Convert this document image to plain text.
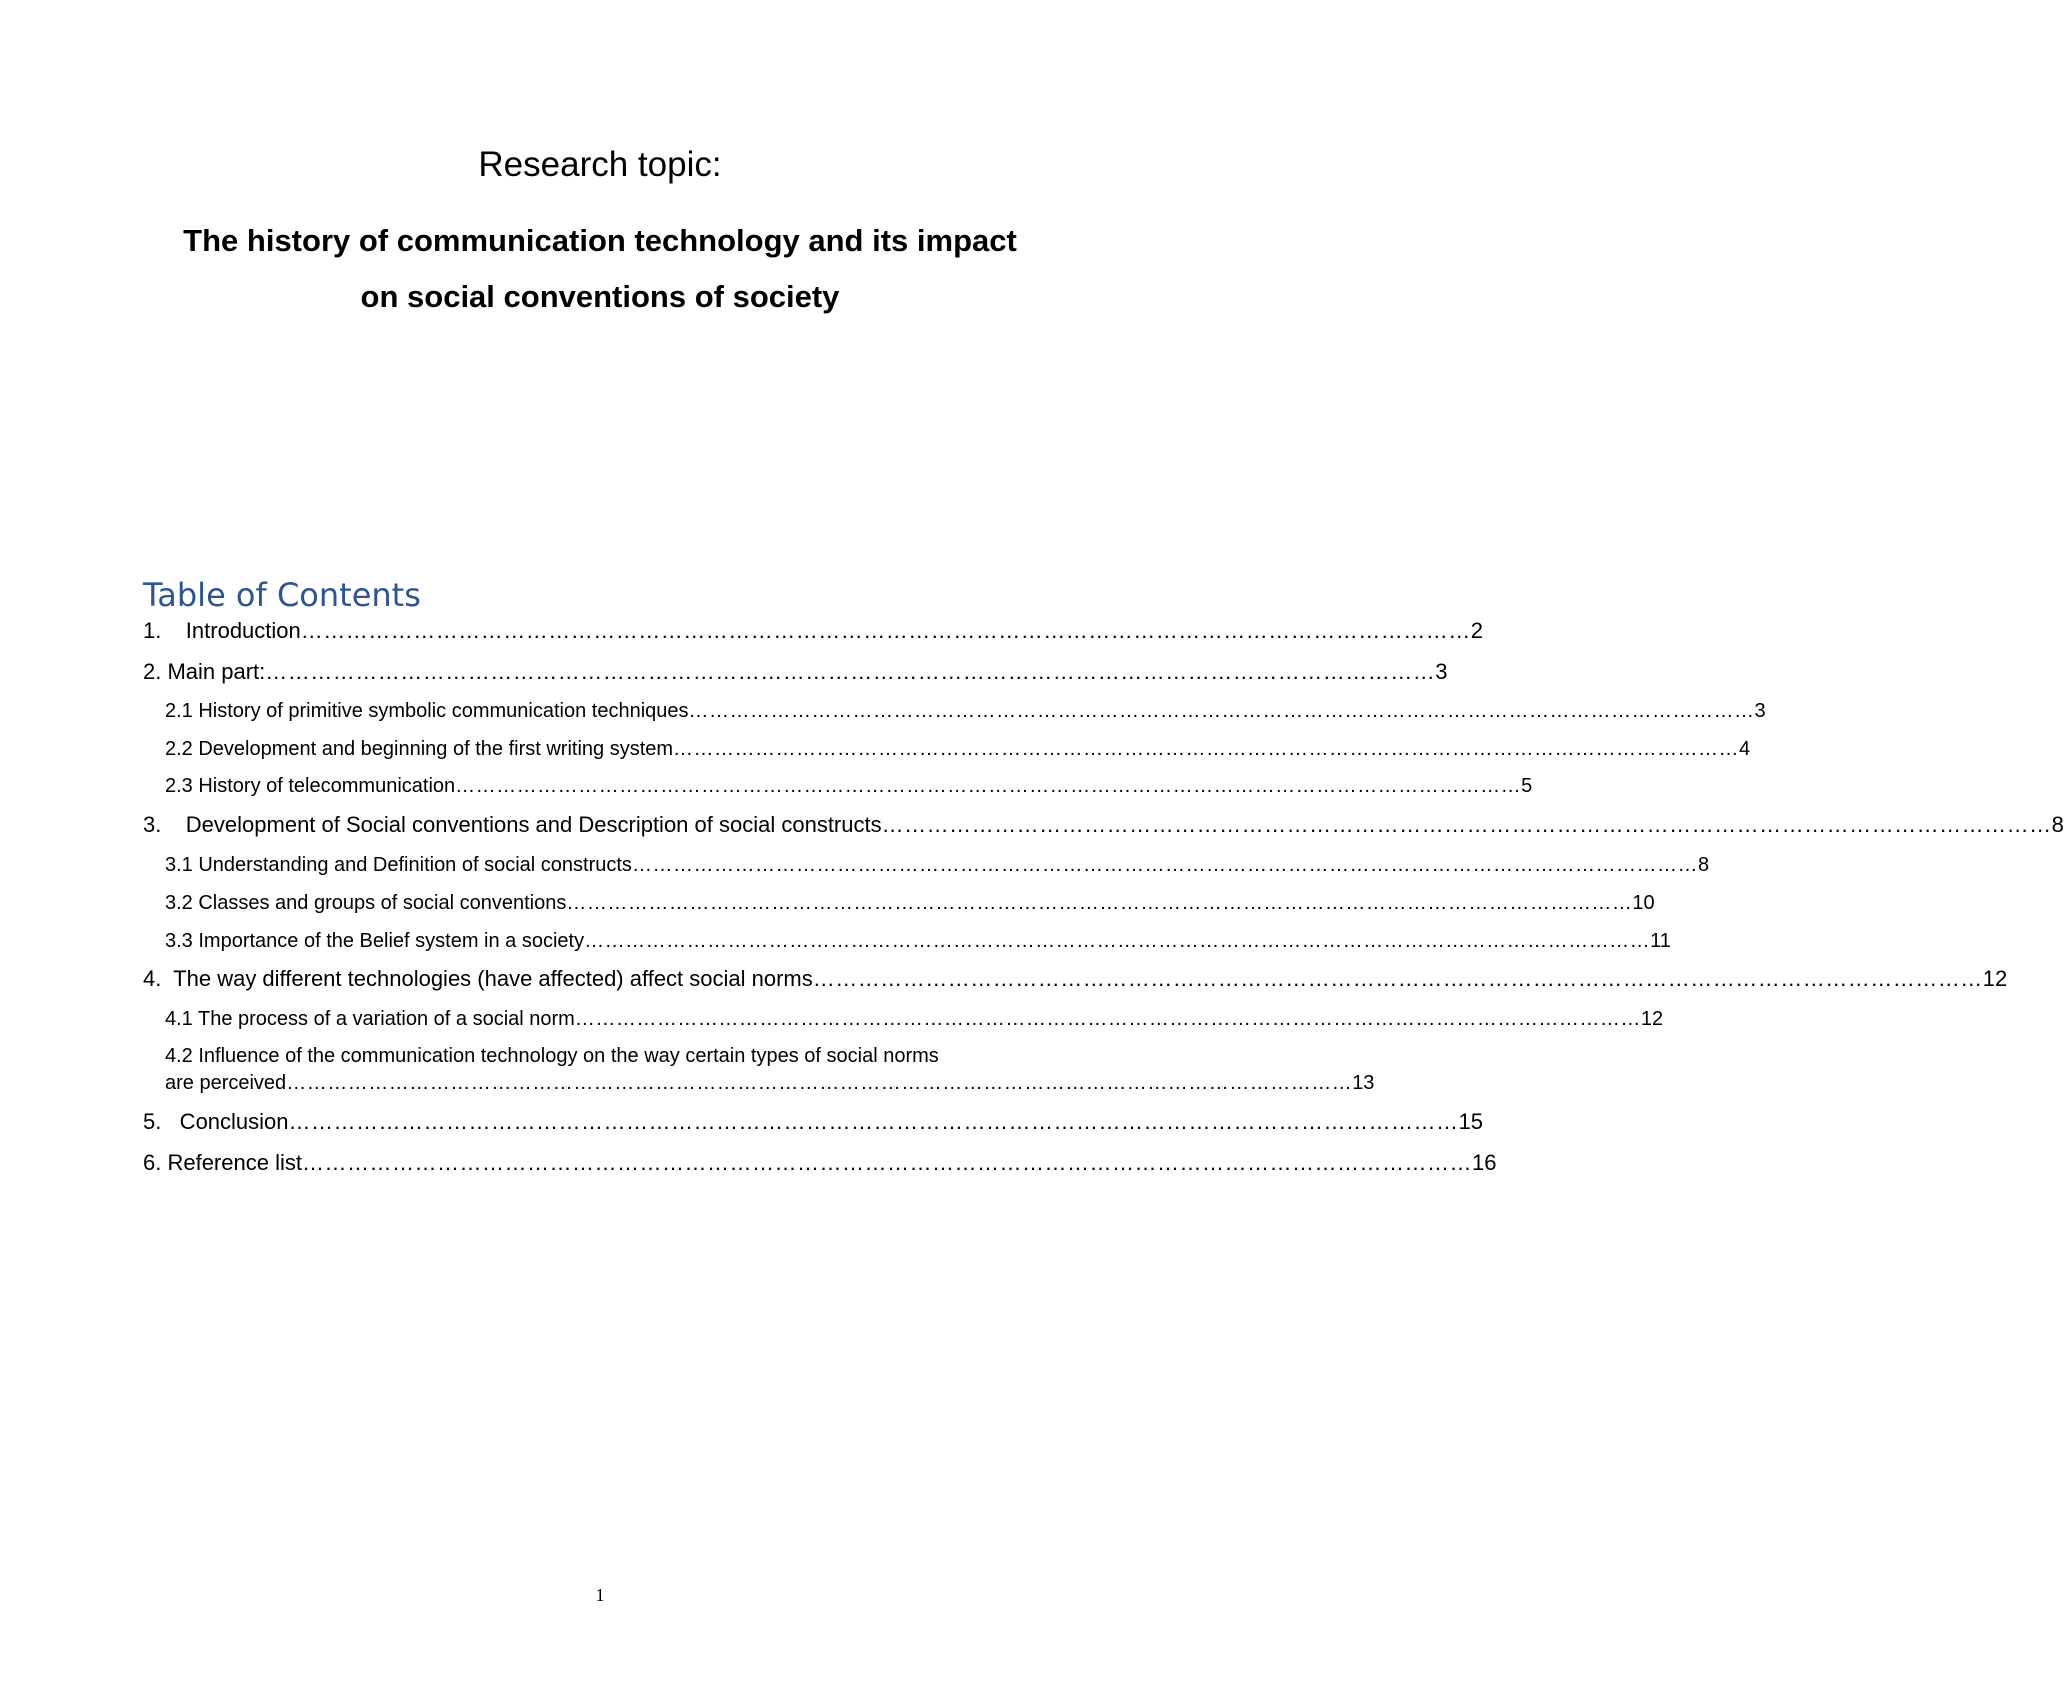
Research topic:
The history of communication technology and its impact
on social conventions of society
Table of Contents
1.    Introduction ………………………………………………………………………………………………………………………………………… 2
2. Main part: ………………………………………………………………………………………………………………………………………… 3
2.1 History of primitive symbolic communication techniques ………………………………………………………………………………………………………………………………………… 3
2.2 Development and beginning of the first writing system ………………………………………………………………………………………………………………………………………… 4
2.3 History of telecommunication ………………………………………………………………………………………………………………………………………… 5
3.    Development of Social conventions and Description of social constructs ………………………………………………………………………………………………………………………………………… 8
3.1 Understanding and Definition of social constructs ………………………………………………………………………………………………………………………………………… 8
3.2 Classes and groups of social conventions ………………………………………………………………………………………………………………………………………… 10
3.3 Importance of the Belief system in a society ………………………………………………………………………………………………………………………………………… 11
4.  The way different technologies (have affected) affect social norms ………………………………………………………………………………………………………………………………………… 12
4.1 The process of a variation of a social norm ………………………………………………………………………………………………………………………………………… 12
4.2 Influence of the communication technology on the way certain types of social norms
are perceived ………………………………………………………………………………………………………………………………………… 13
5.   Conclusion ………………………………………………………………………………………………………………………………………… 15
6. Reference list ………………………………………………………………………………………………………………………………………… 16
1
